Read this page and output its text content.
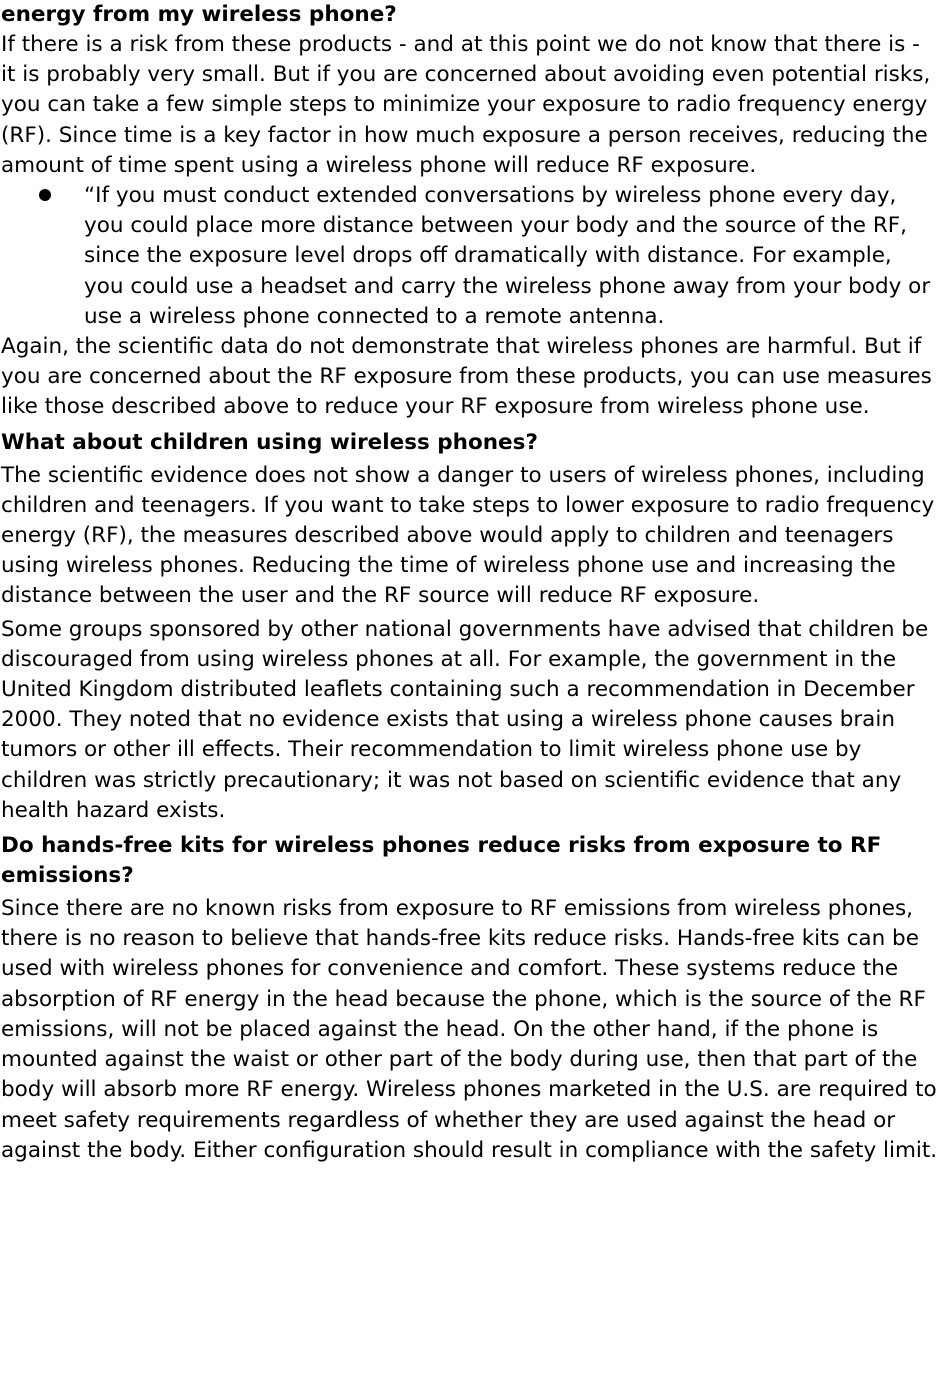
energy from my wireless phone?

If there is a risk from these products - and at this point we do not know that there is - it is probably very small. But if you are concerned about avoiding even potential risks, you can take a few simple steps to minimize your exposure to radio frequency energy (RF). Since time is a key factor in how much exposure a person receives, reducing the amount of time spent using a wireless phone will reduce RF exposure.

“If you must conduct extended conversations by wireless phone every day, you could place more distance between your body and the source of the RF, since the exposure level drops off dramatically with distance. For example, you could use a headset and carry the wireless phone away from your body or use a wireless phone connected to a remote antenna.

Again, the scientific data do not demonstrate that wireless phones are harmful. But if you are concerned about the RF exposure from these products, you can use measures like those described above to reduce your RF exposure from wireless phone use.

What about children using wireless phones?

The scientific evidence does not show a danger to users of wireless phones, including children and teenagers. If you want to take steps to lower exposure to radio frequency energy (RF), the measures described above would apply to children and teenagers using wireless phones. Reducing the time of wireless phone use and increasing the distance between the user and the RF source will reduce RF exposure.

Some groups sponsored by other national governments have advised that children be discouraged from using wireless phones at all. For example, the government in the United Kingdom distributed leaflets containing such a recommendation in December 2000. They noted that no evidence exists that using a wireless phone causes brain tumors or other ill effects. Their recommendation to limit wireless phone use by children was strictly precautionary; it was not based on scientific evidence that any health hazard exists.

Do hands-free kits for wireless phones reduce risks from exposure to RF emissions?

Since there are no known risks from exposure to RF emissions from wireless phones, there is no reason to believe that hands-free kits reduce risks. Hands-free kits can be used with wireless phones for convenience and comfort. These systems reduce the absorption of RF energy in the head because the phone, which is the source of the RF emissions, will not be placed against the head. On the other hand, if the phone is mounted against the waist or other part of the body during use, then that part of the body will absorb more RF energy. Wireless phones marketed in the U.S. are required to meet safety requirements regardless of whether they are used against the head or against the body. Either configuration should result in compliance with the safety limit.
